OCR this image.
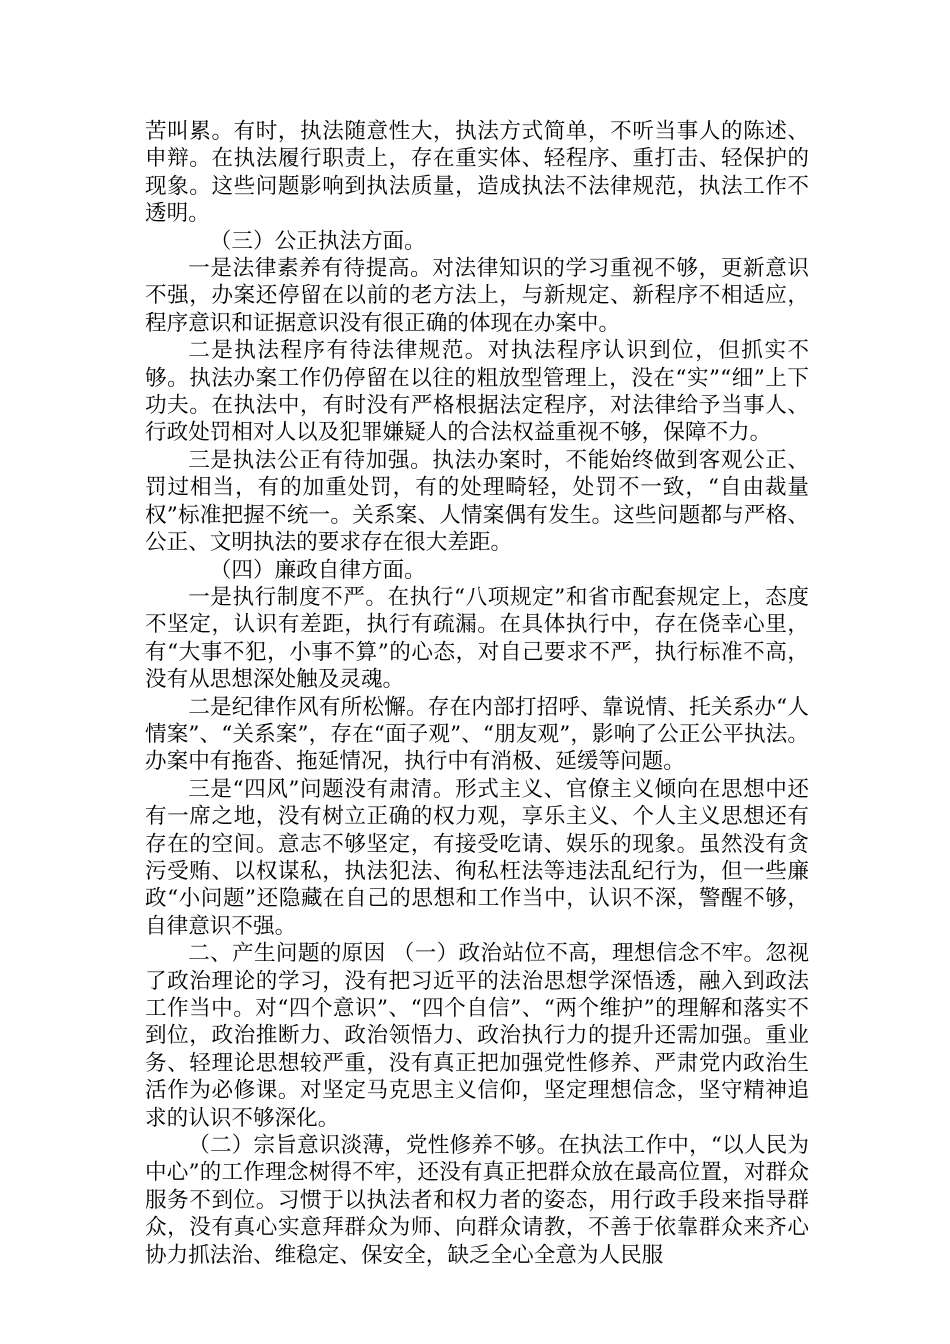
苦叫累。有时，执法随意性大，执法方式简单，不听当事人的陈述、申辩。在执法履行职责上，存在重实体、轻程序、重打击、轻保护的现象。这些问题影响到执法质量，造成执法不法律规范，执法工作不透明。

（三）公正执法方面。

一是法律素养有待提高。对法律知识的学习重视不够，更新意识不强，办案还停留在以前的老方法上，与新规定、新程序不相适应，程序意识和证据意识没有很正确的体现在办案中。

二是执法程序有待法律规范。对执法程序认识到位，但抓实不够。执法办案工作仍停留在以往的粗放型管理上，没在“实”“细”上下功夫。在执法中，有时没有严格根据法定程序，对法律给予当事人、行政处罚相对人以及犯罪嫌疑人的合法权益重视不够，保障不力。

三是执法公正有待加强。执法办案时，不能始终做到客观公正、罚过相当，有的加重处罚，有的处理畸轻，处罚不一致，“自由裁量权”标准把握不统一。关系案、人情案偶有发生。这些问题都与严格、公正、文明执法的要求存在很大差距。

（四）廉政自律方面。

一是执行制度不严。在执行“八项规定”和省市配套规定上，态度不坚定，认识有差距，执行有疏漏。在具体执行中，存在侥幸心里，有“大事不犯，小事不算”的心态，对自己要求不严，执行标准不高，没有从思想深处触及灵魂。

二是纪律作风有所松懈。存在内部打招呼、靠说情、托关系办“人情案”、“关系案”，存在“面子观”、“朋友观”，影响了公正公平执法。办案中有拖沓、拖延情况，执行中有消极、延缓等问题。

三是“四风”问题没有肃清。形式主义、官僚主义倾向在思想中还有一席之地，没有树立正确的权力观，享乐主义、个人主义思想还有存在的空间。意志不够坚定，有接受吃请、娱乐的现象。虽然没有贪污受贿、以权谋私，执法犯法、徇私枉法等违法乱纪行为，但一些廉政“小问题”还隐藏在自己的思想和工作当中，认识不深，警醒不够，自律意识不强。

二、产生问题的原因 （一）政治站位不高，理想信念不牢。忽视了政治理论的学习，没有把习近平的法治思想学深悟透，融入到政法工作当中。对“四个意识”、“四个自信”、“两个维护”的理解和落实不到位，政治推断力、政治领悟力、政治执行力的提升还需加强。重业务、轻理论思想较严重，没有真正把加强党性修养、严肃党内政治生活作为必修课。对坚定马克思主义信仰，坚定理想信念，坚守精神追求的认识不够深化。

（二）宗旨意识淡薄，党性修养不够。在执法工作中，“以人民为中心”的工作理念树得不牢，还没有真正把群众放在最高位置，对群众服务不到位。习惯于以执法者和权力者的姿态，用行政手段来指导群众，没有真心实意拜群众为师、向群众请教，不善于依靠群众来齐心协力抓法治、维稳定、保安全，缺乏全心全意为人民服
